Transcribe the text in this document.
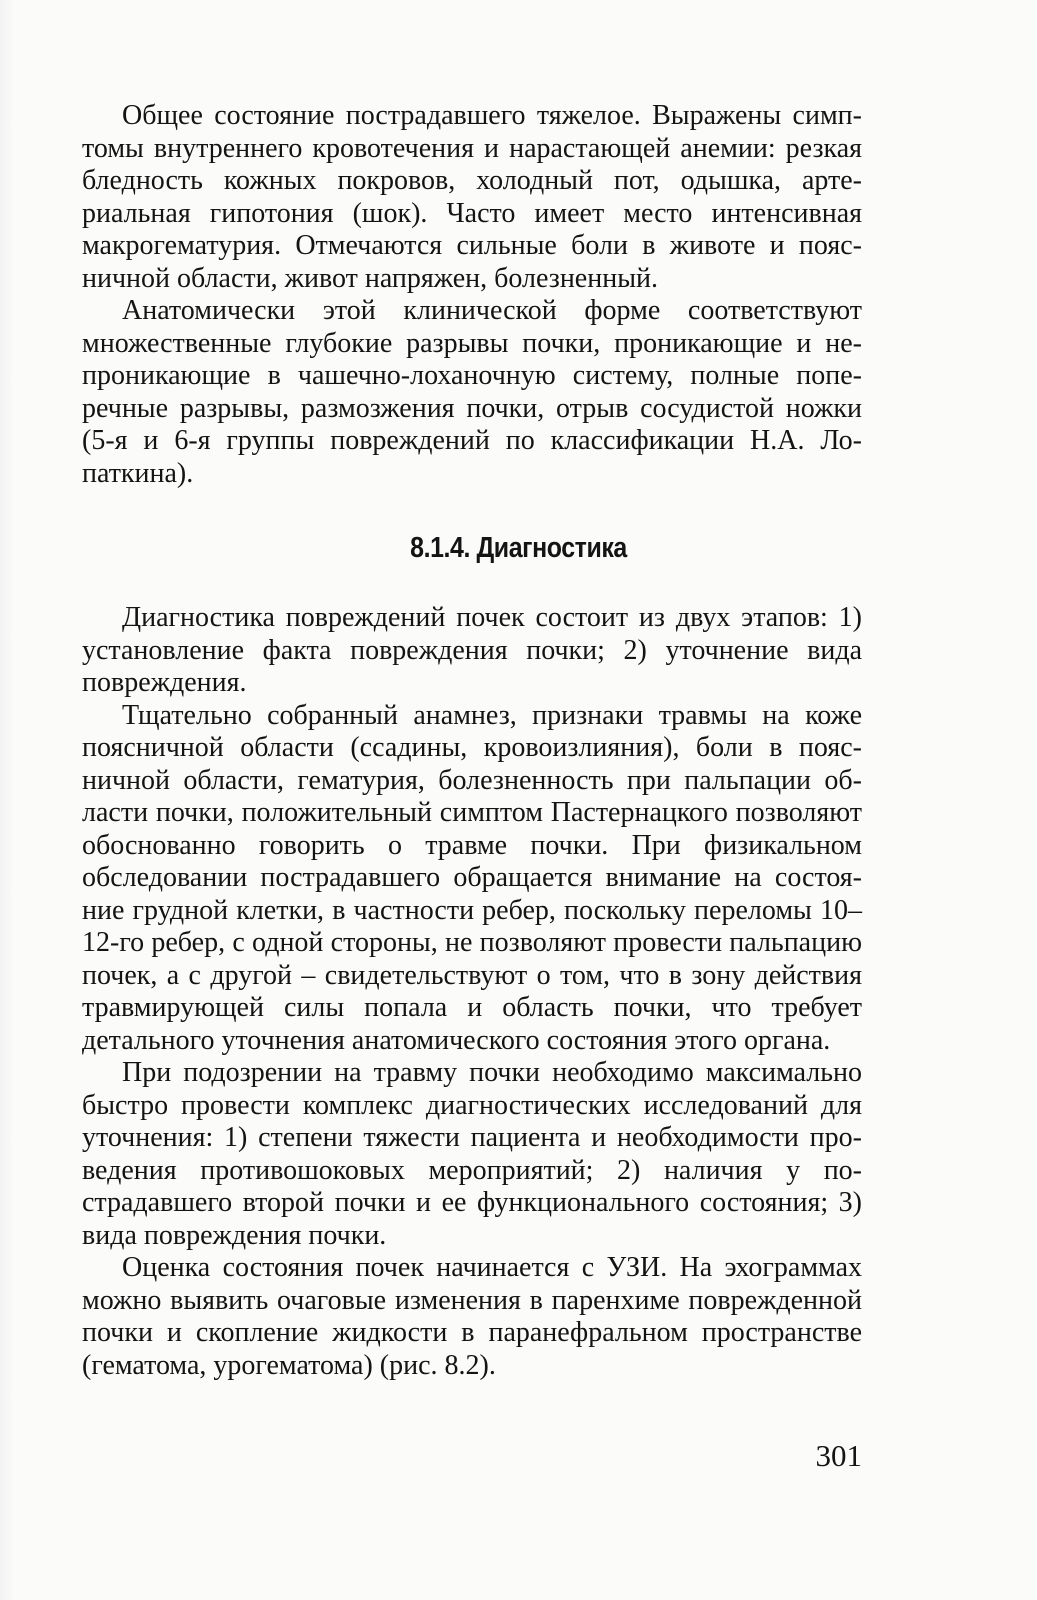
Общее состояние пострадавшего тяжелое. Выражены симптомы внутреннего кровотечения и нарастающей анемии: резкая бледность кожных покровов, холодный пот, одышка, артериальная гипотония (шок). Часто имеет место интенсивная макрогематурия. Отмечаются сильные боли в животе и поясничной области, живот напряжен, болезненный.

Анатомически этой клинической форме соответствуют множественные глубокие разрывы почки, проникающие и непроникающие в чашечно-лоханочную систему, полные поперечные разрывы, размозжения почки, отрыв сосудистой ножки (5-я и 6-я группы повреждений по классификации Н.А. Лопаткина).

8.1.4. Диагностика

Диагностика повреждений почек состоит из двух этапов: 1) установление факта повреждения почки; 2) уточнение вида повреждения.

Тщательно собранный анамнез, признаки травмы на коже поясничной области (ссадины, кровоизлияния), боли в поясничной области, гематурия, болезненность при пальпации области почки, положительный симптом Пастернацкого позволяют обоснованно говорить о травме почки. При физикальном обследовании пострадавшего обращается внимание на состояние грудной клетки, в частности ребер, поскольку переломы 10–12-го ребер, с одной стороны, не позволяют провести пальпацию почек, а с другой – свидетельствуют о том, что в зону действия травмирующей силы попала и область почки, что требует детального уточнения анатомического состояния этого органа.

При подозрении на травму почки необходимо максимально быстро провести комплекс диагностических исследований для уточнения: 1) степени тяжести пациента и необходимости проведения противошоковых мероприятий; 2) наличия у пострадавшего второй почки и ее функционального состояния; 3) вида повреждения почки.

Оценка состояния почек начинается с УЗИ. На эхограммах можно выявить очаговые изменения в паренхиме поврежденной почки и скопление жидкости в паранефральном пространстве (гематома, урогематома) (рис. 8.2).

301
